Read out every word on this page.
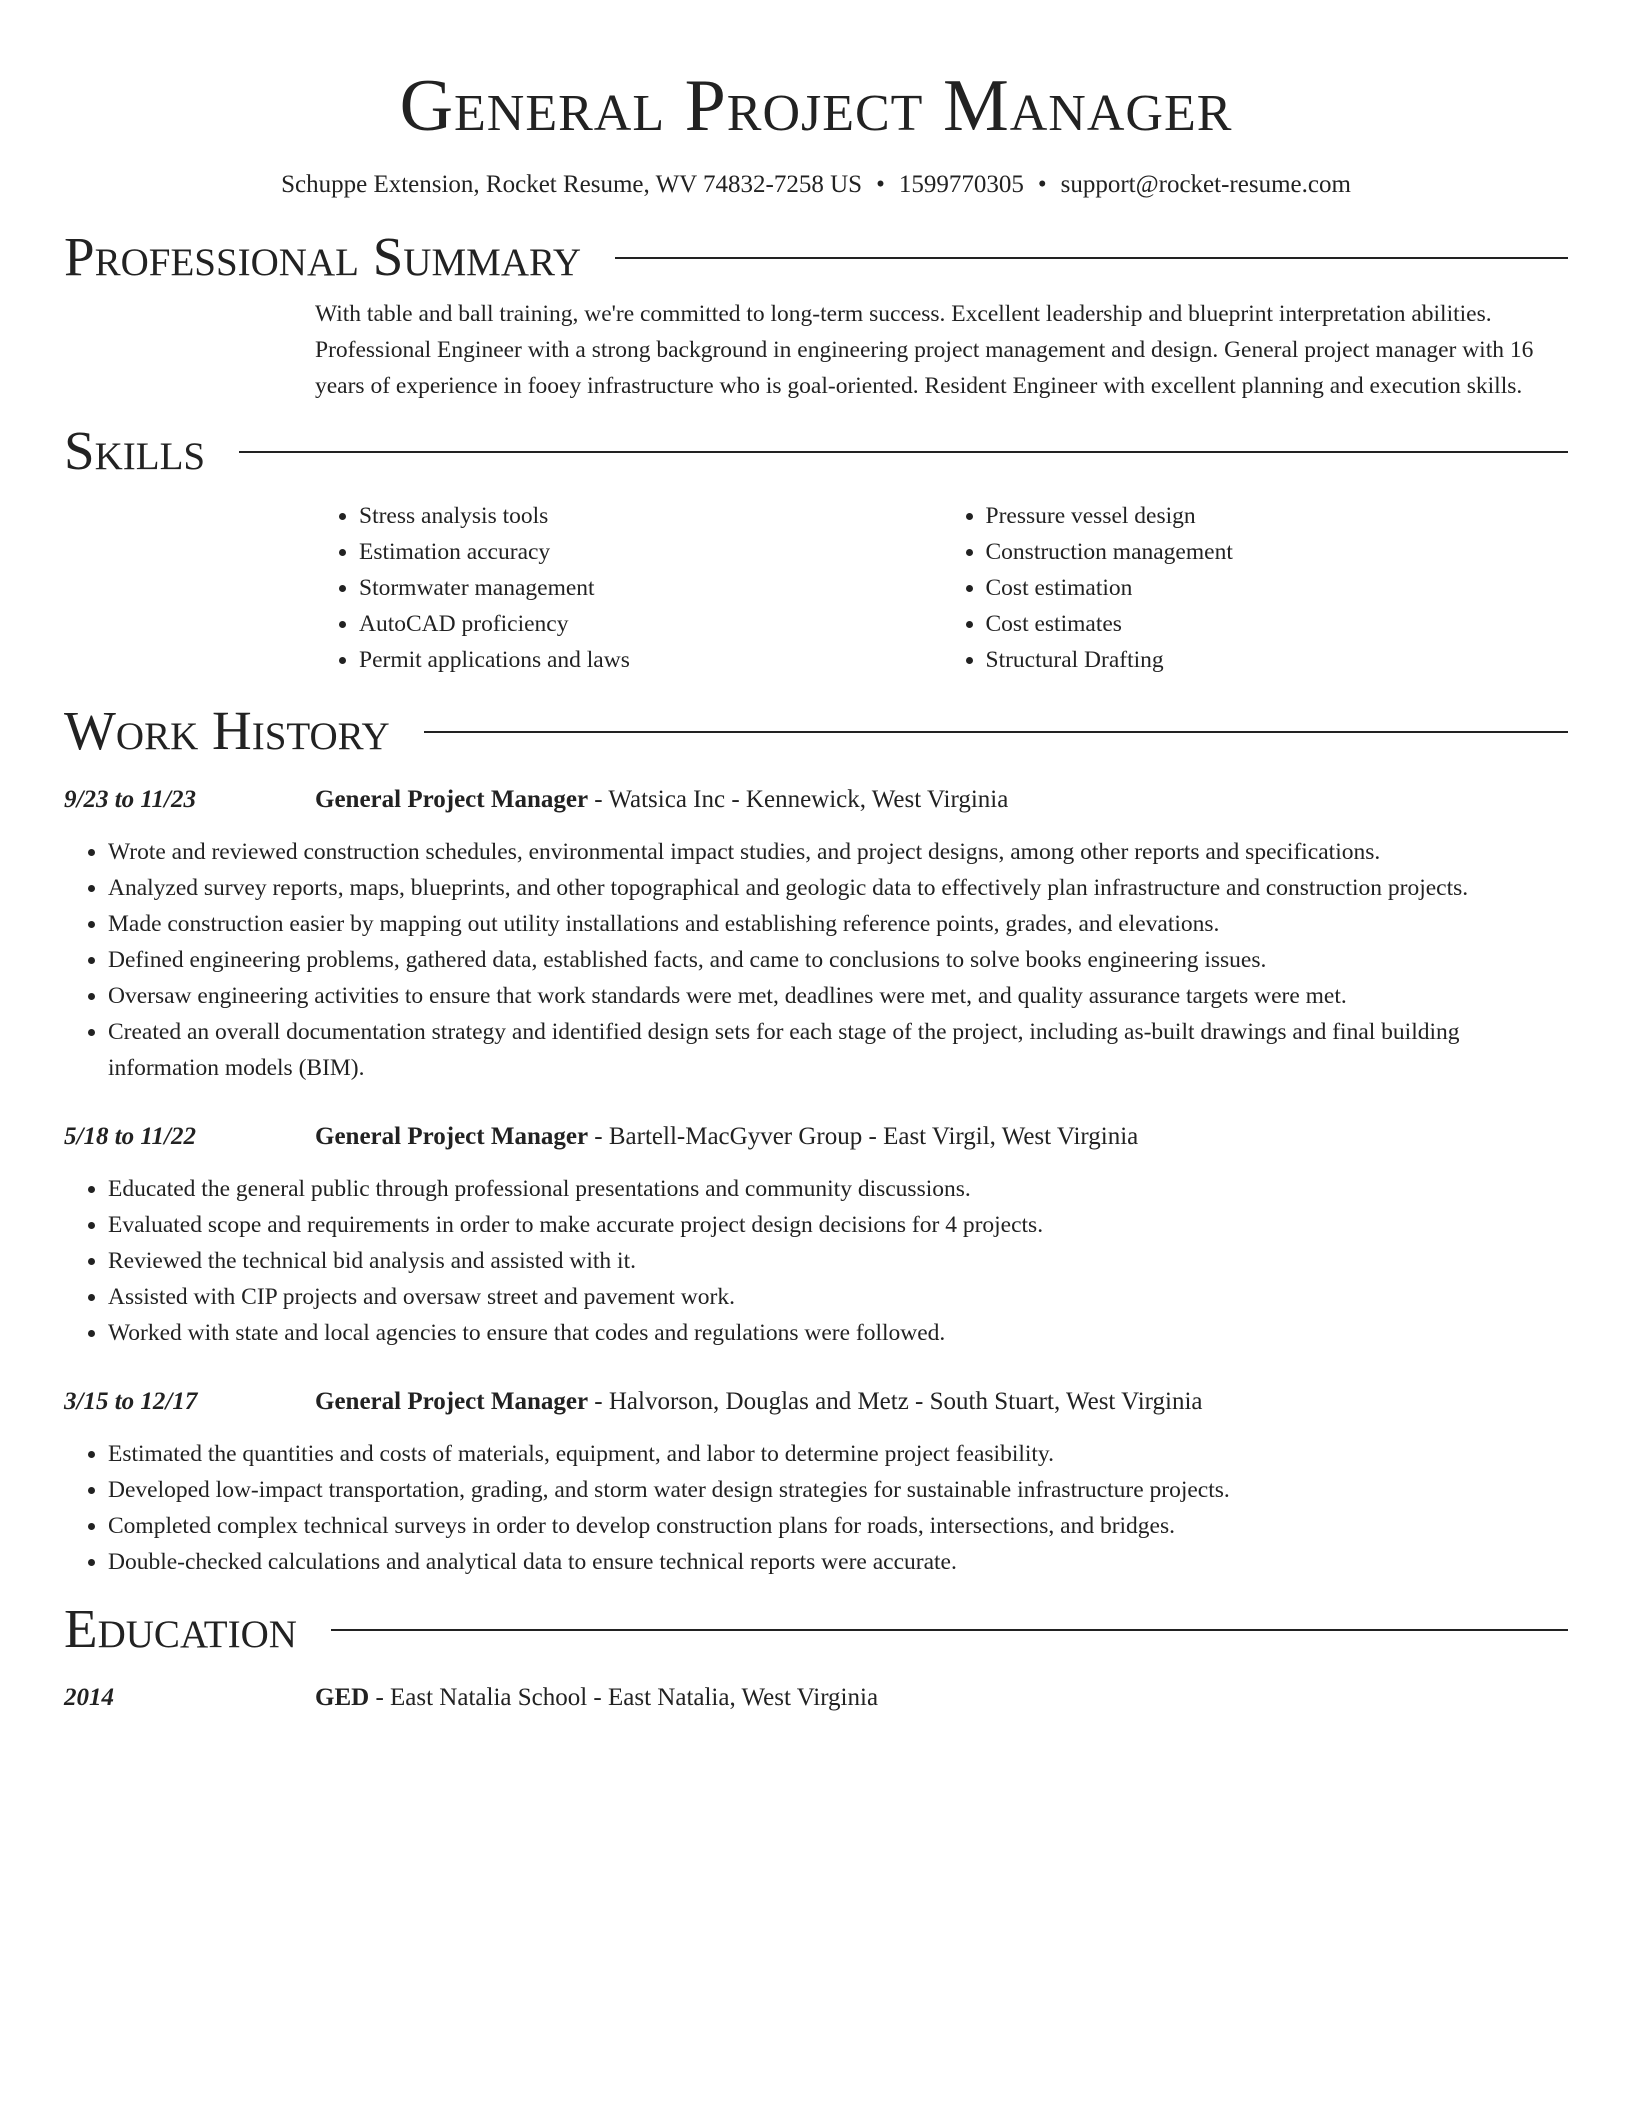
General Project Manager
Schuppe Extension, Rocket Resume, WV 74832-7258 US • 1599770305 • support@rocket-resume.com
Professional Summary

With table and ball training, we're committed to long-term success. Excellent leadership and blueprint interpretation abilities. Professional Engineer with a strong background in engineering project management and design. General project manager with 16 years of experience in fooey infrastructure who is goal-oriented. Resident Engineer with excellent planning and execution skills.

Skills
• Stress analysis tools
• Estimation accuracy
• Stormwater management
• AutoCAD proficiency
• Permit applications and laws
• Pressure vessel design
• Construction management
• Cost estimation
• Cost estimates
• Structural Drafting
Work History
9/23 to 11/23	General Project Manager - Watsica Inc - Kennewick, West Virginia
• Wrote and reviewed construction schedules, environmental impact studies, and project designs, among other reports and specifications.
• Analyzed survey reports, maps, blueprints, and other topographical and geologic data to effectively plan infrastructure and construction projects.
• Made construction easier by mapping out utility installations and establishing reference points, grades, and elevations.
• Defined engineering problems, gathered data, established facts, and came to conclusions to solve books engineering issues.
• Oversaw engineering activities to ensure that work standards were met, deadlines were met, and quality assurance targets were met.
• Created an overall documentation strategy and identified design sets for each stage of the project, including as-built drawings and final building information models (BIM).
5/18 to 11/22	General Project Manager - Bartell-MacGyver Group - East Virgil, West Virginia
• Educated the general public through professional presentations and community discussions.
• Evaluated scope and requirements in order to make accurate project design decisions for 4 projects.
• Reviewed the technical bid analysis and assisted with it.
• Assisted with CIP projects and oversaw street and pavement work.
• Worked with state and local agencies to ensure that codes and regulations were followed.
3/15 to 12/17	General Project Manager - Halvorson, Douglas and Metz - South Stuart, West Virginia
• Estimated the quantities and costs of materials, equipment, and labor to determine project feasibility.
• Developed low-impact transportation, grading, and storm water design strategies for sustainable infrastructure projects.
• Completed complex technical surveys in order to develop construction plans for roads, intersections, and bridges.
• Double-checked calculations and analytical data to ensure technical reports were accurate.
Education
2014	GED - East Natalia School - East Natalia, West Virginia
